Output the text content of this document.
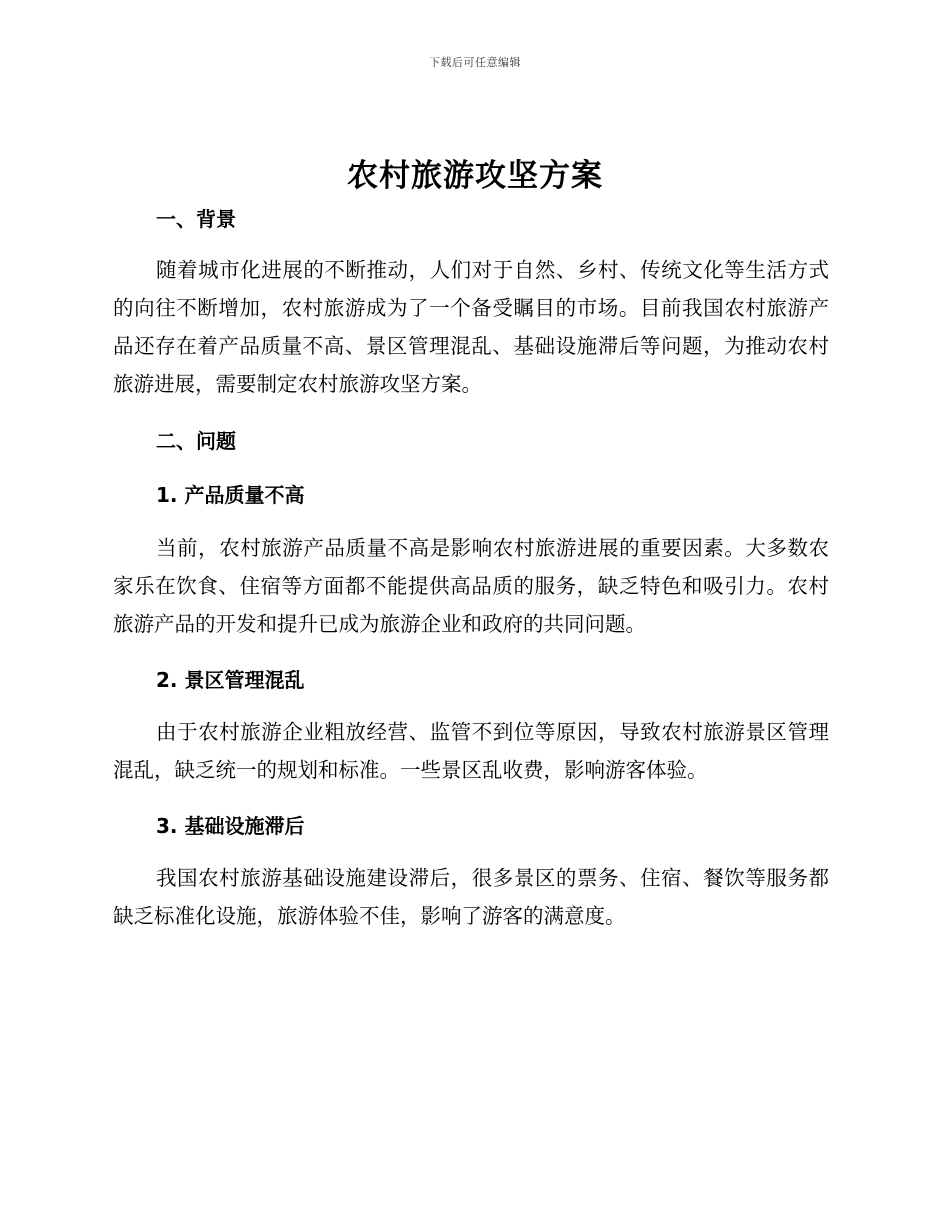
下载后可任意编辑
农村旅游攻坚方案

一、背景

随着城市化进展的不断推动，人们对于自然、乡村、传统文化等生活方式的向往不断增加，农村旅游成为了一个备受瞩目的市场。目前我国农村旅游产品还存在着产品质量不高、景区管理混乱、基础设施滞后等问题，为推动农村旅游进展，需要制定农村旅游攻坚方案。

二、问题

1. 产品质量不高

当前，农村旅游产品质量不高是影响农村旅游进展的重要因素。大多数农家乐在饮食、住宿等方面都不能提供高品质的服务，缺乏特色和吸引力。农村旅游产品的开发和提升已成为旅游企业和政府的共同问题。

2. 景区管理混乱

由于农村旅游企业粗放经营、监管不到位等原因，导致农村旅游景区管理混乱，缺乏统一的规划和标准。一些景区乱收费，影响游客体验。

3. 基础设施滞后

我国农村旅游基础设施建设滞后，很多景区的票务、住宿、餐饮等服务都缺乏标准化设施，旅游体验不佳，影响了游客的满意度。
